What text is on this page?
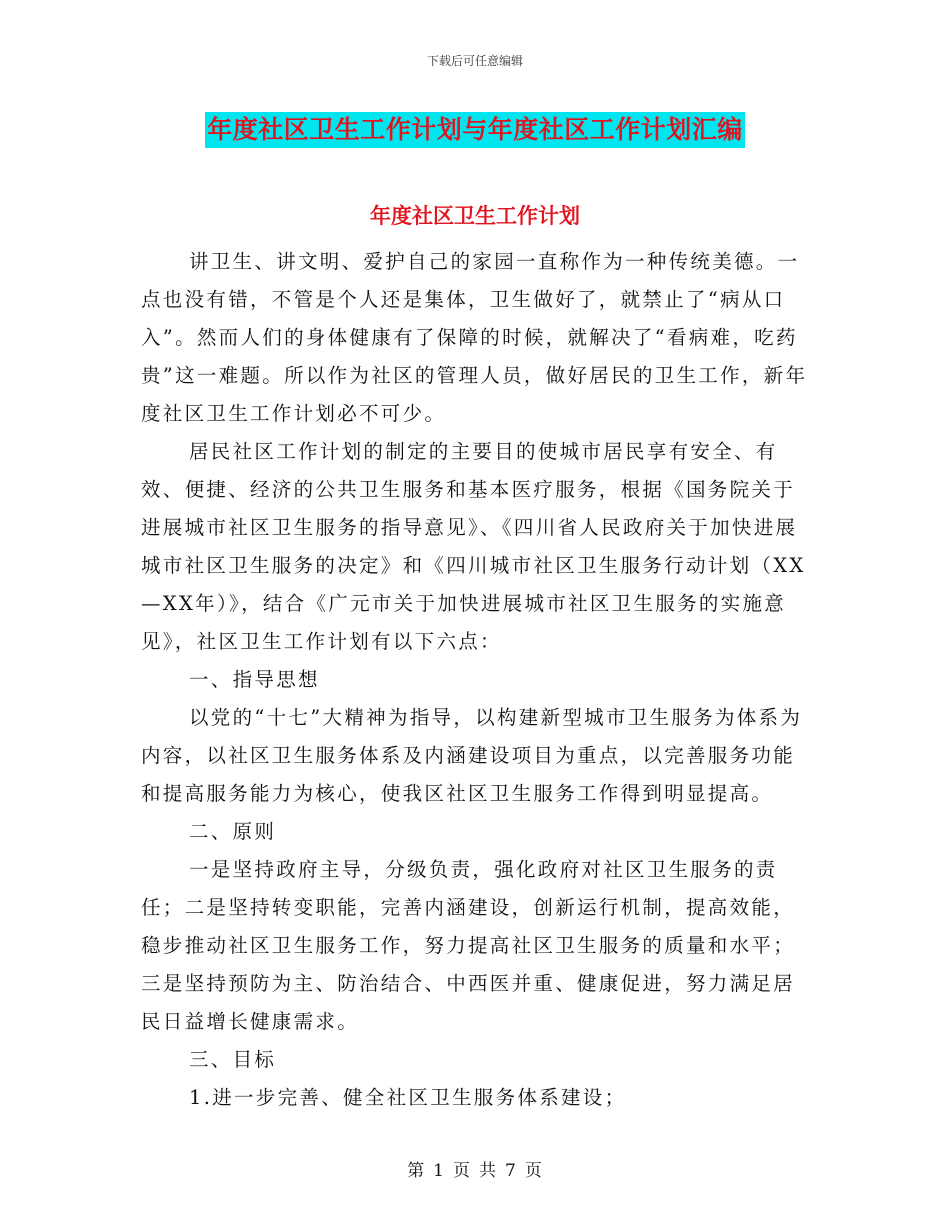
下载后可任意编辑
年度社区卫生工作计划与年度社区工作计划汇编
年度社区卫生工作计划

讲卫生、讲文明、爱护自己的家园一直称作为一种传统美德。一点也没有错，不管是个人还是集体，卫生做好了，就禁止了“病从口入”。然而人们的身体健康有了保障的时候，就解决了“看病难，吃药贵”这一难题。所以作为社区的管理人员，做好居民的卫生工作，新年度社区卫生工作计划必不可少。

居民社区工作计划的制定的主要目的使城市居民享有安全、有效、便捷、经济的公共卫生服务和基本医疗服务，根据《国务院关于进展城市社区卫生服务的指导意见》、《四川省人民政府关于加快进展城市社区卫生服务的决定》和《四川城市社区卫生服务行动计划（XX—XX年）》，结合《广元市关于加快进展城市社区卫生服务的实施意见》，社区卫生工作计划有以下六点：

一、指导思想

以党的“十七”大精神为指导，以构建新型城市卫生服务为体系为内容，以社区卫生服务体系及内涵建设项目为重点，以完善服务功能和提高服务能力为核心，使我区社区卫生服务工作得到明显提高。

二、原则

一是坚持政府主导，分级负责，强化政府对社区卫生服务的责任；二是坚持转变职能，完善内涵建设，创新运行机制，提高效能，稳步推动社区卫生服务工作，努力提高社区卫生服务的质量和水平；三是坚持预防为主、防治结合、中西医并重、健康促进，努力满足居民日益增长健康需求。

三、目标

1.进一步完善、健全社区卫生服务体系建设；

第 1 页 共 7 页
